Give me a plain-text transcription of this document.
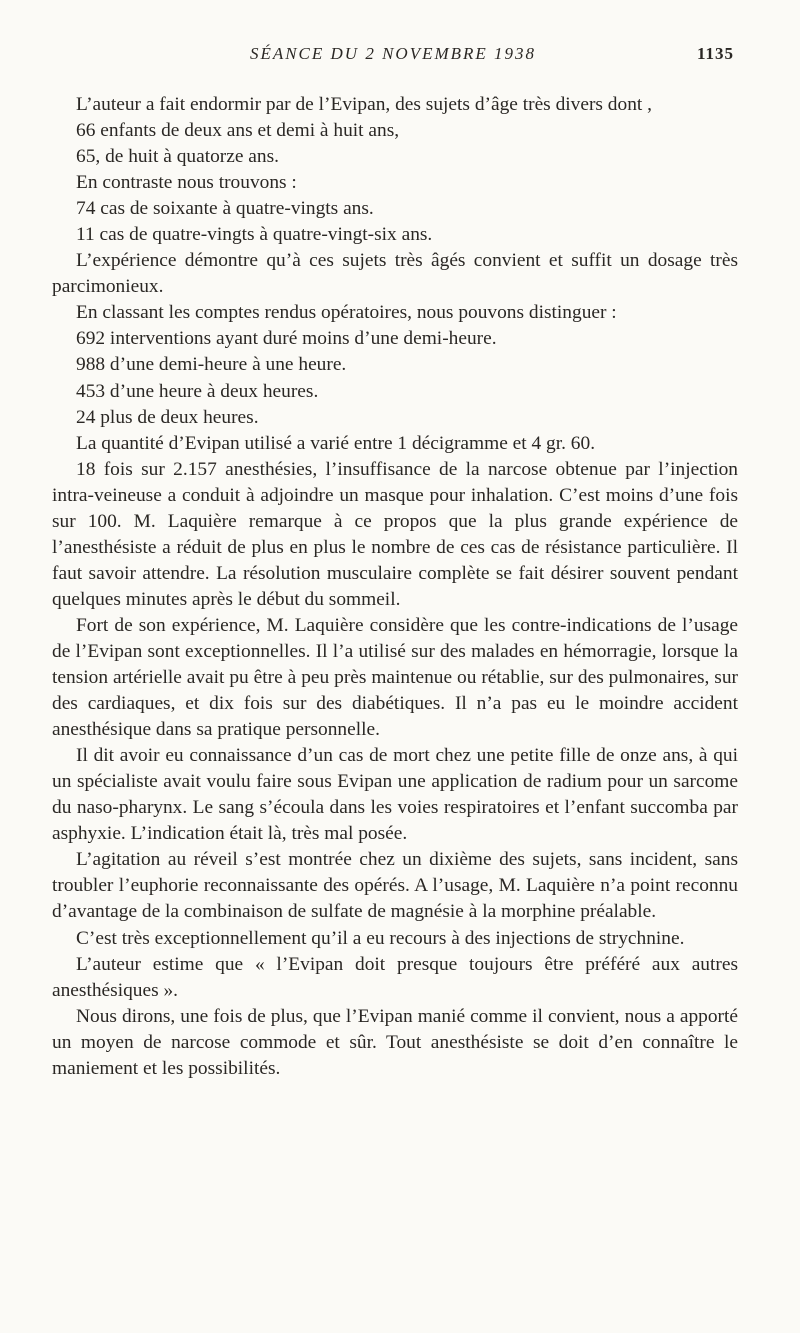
SÉANCE DU 2 NOVEMBRE 1938	1135

L’auteur a fait endormir par de l’Evipan, des sujets d’âge très divers dont ,

66 enfants de deux ans et demi à huit ans,

65, de huit à quatorze ans.

En contraste nous trouvons :

74 cas de soixante à quatre-vingts ans.

11 cas de quatre-vingts à quatre-vingt-six ans.

L’expérience démontre qu’à ces sujets très âgés convient et suffit un dosage très parcimonieux.

En classant les comptes rendus opératoires, nous pouvons distinguer :

692 interventions ayant duré moins d’une demi-heure.

988 d’une demi-heure à une heure.

453 d’une heure à deux heures.

24 plus de deux heures.

La quantité d’Evipan utilisé a varié entre 1 décigramme et 4 gr. 60.

18 fois sur 2.157 anesthésies, l’insuffisance de la narcose obtenue par l’injection intra-veineuse a conduit à adjoindre un masque pour inhalation. C’est moins d’une fois sur 100. M. Laquière remarque à ce propos que la plus grande expérience de l’anesthésiste a réduit de plus en plus le nombre de ces cas de résistance particulière. Il faut savoir attendre. La résolution musculaire complète se fait désirer souvent pendant quelques minutes après le début du sommeil.

Fort de son expérience, M. Laquière considère que les contre-indications de l’usage de l’Evipan sont exceptionnelles. Il l’a utilisé sur des malades en hémorragie, lorsque la tension artérielle avait pu être à peu près maintenue ou rétablie, sur des pulmonaires, sur des cardiaques, et dix fois sur des diabétiques. Il n’a pas eu le moindre accident anesthésique dans sa pratique personnelle.

Il dit avoir eu connaissance d’un cas de mort chez une petite fille de onze ans, à qui un spécialiste avait voulu faire sous Evipan une application de radium pour un sarcome du naso-pharynx. Le sang s’écoula dans les voies respiratoires et l’enfant succomba par asphyxie. L’indication était là, très mal posée.

L’agitation au réveil s’est montrée chez un dixième des sujets, sans incident, sans troubler l’euphorie reconnaissante des opérés. A l’usage, M. Laquière n’a point reconnu d’avantage de la combinaison de sulfate de magnésie à la morphine préalable.

C’est très exceptionnellement qu’il a eu recours à des injections de strychnine.

L’auteur estime que « l’Evipan doit presque toujours être préféré aux autres anesthésiques ».

Nous dirons, une fois de plus, que l’Evipan manié comme il convient, nous a apporté un moyen de narcose commode et sûr. Tout anesthésiste se doit d’en connaître le maniement et les possibilités.
